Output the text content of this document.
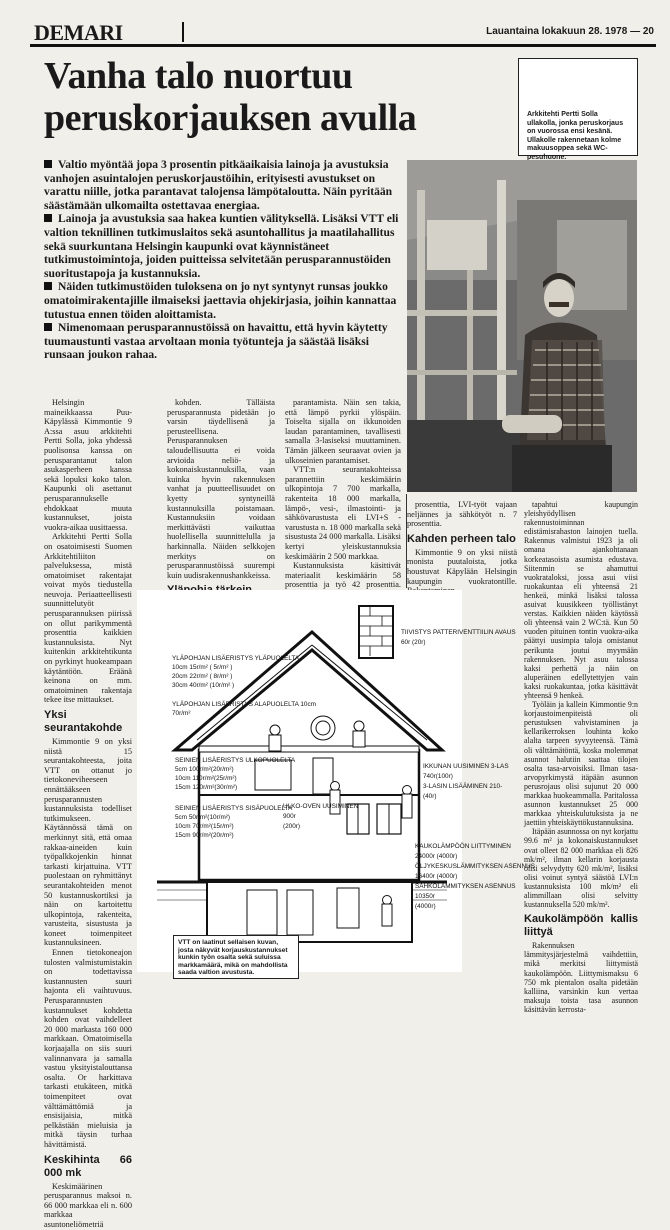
DEMARI	Lauantaina lokakuun 28. 1978 — 20
Vanha talo nuortuu peruskorjauksen avulla	Arkkitehti Pertti Solla ullakolla, jonka peruskorjaus on vuorossa ensi kesänä. Ullakolle rakennetaan kolme makuusoppea sekä WC-pesuhuone.

Valtio myöntää jopa 3 prosentin pitkäaikaisia lainoja ja avustuksia vanhojen asuintalojen peruskorjaustöihin, erityisesti avustukset on varattu niille, jotka parantavat talojensa lämpötaloutta. Näin pyritään säästämään ulkomailta ostettavaa energiaa.

Lainoja ja avustuksia saa hakea kuntien välityksellä. Lisäksi VTT eli valtion teknillinen tutkimuslaitos sekä asuntohallitus ja maatilahallitus sekä suurkuntana Helsingin kaupunki ovat käynnistäneet tutkimustoimintoja, joiden puitteissa selvitetään perusparannustöiden suoritustapoja ja kustannuksia.

Näiden tutkimustöiden tuloksena on jo nyt syntynyt runsas joukko omatoimirakentajille ilmaiseksi jaettavia ohjekirjasia, joihin kannattaa tutustua ennen töiden aloittamista.

Nimenomaan perusparannustöissä on havaittu, että hyvin käytetty tuumaustunti vastaa arvoltaan monia työtunteja ja säästää lisäksi runsaan joukon rahaa.

Helsingin maineikkaassa Puu-Käpylässä Kimmontie 9 A:ssa asuu arkkitehti Pertti Solla, joka yhdessä puolisonsa kanssa on perusparantanut talon asukasperheen kanssa sekä lopuksi koko talon. Kaupunki oli asettanut perusparannukselle ehdokkaat muuta kustannukset, joista vuokra-aikaa uusittaessa.

Arkkitehti Pertti Solla on osatoimisesti Suomen Arkkitehtiliiton palveluksessa, mistä omatoimiset rakentajat voivat myös tiedustella neuvoja. Periaatteellisesti suunnittelutyöt perusparannuksen piirissä on ollut parikymmentä prosenttia kaikkien kustannuksista. Nyt kuitenkin arkkitehtikunta on pyrkinyt huokeampaan käytäntöön. Eräänä keinona on mm. omatoiminen rakentaja tekee itse mittaukset.

Yksi seurantakohde

Kimmontie 9 on yksi niistä 15 seurantakohteesta, joita VTT on ottanut jo tietokoneviheeseen ennättääkseen perusparannusten kustannuksista todelliset tutkimukseen. Käytännössä tämä on merkinnyt sitä, että omaa rakkaa-aineiden kuin työpalkkojenkin hinnat tarkasti kirjattuina. VTT puolestaan on ryhmittänyt seurantakohteiden menot 50 kustannuskortiksi ja näin on kartoitettu ulkopintoja, rakenteita, varusteita, sisustusta ja koneet toimenpiteet kustannuksineen.

Ennen tietokoneajon tulosten valmistumistakin on todettavissa kustannusten suuri hajonta eli vaihtuvuus. Perusparannusten kustannukset kohdetta kohden ovat vaihdelleet 20 000 markasta 160 000 markkaan. Omatoimisella korjaajalla on siis suuri valinnanvara ja samalla vastuu yksityistalouttansa osalta. Or harkittava tarkasti etukäteen, mitkä toimenpiteet ovat välttämättömiä ja ensisijaisia, mitkä pelkästään mieluisia ja mitkä täysin turhaa hävittämistä.

Keskihinta 66 000 mk

Keskimäärinen perusparannus maksoi n. 66 000 markkaa eli n. 600 markkaa asuntoneliömetriä

kohden. Tälläista perusparannusta pidetään jo varsin täydellisenä ja perusteellisena. Perusparannuksen taloudellisuutta ei voida arvioida neliö- ja kokonaiskustannuksilla, vaan kuinka hyvin rakennuksen vanhat ja puutteellisuudet on kyetty syntyneillä kustannuksilla poistamaan. Kustannuksiin voidaan merkittävästi vaikuttaa huolellisella suunnittelulla ja harkinnalla. Näiden selkkojen merkitys on perusparannustöissä suurempi kuin uudisrakennushankkeissa.

parantamista. Näin sen takia, että lämpö pyrkii ylöspäin. Toiselta sijalla on ikkunoiden laudan parantaminen, tavallisesti samalla 3-lasiseksi muuttaminen. Tämän jälkeen seuraavat ovien ja ulkoseinien parantamiset.

VTT:n seurantakohteissa parannettiin keskimäärin ulkopintoja 7 700 markalla, rakenteita 18 000 markalla, lämpö-, vesi-, ilmastointi- ja sähkövarustusta eli LVI+S -varustusta n. 18 000 markalla sekä sisustusta 24 000 markalla. Lisäksi kertyi yleiskustannuksia keskimäärin 2 500 markkaa.

Kustannuksista käsittivät materiaalit keskimäärin 58 prosenttia ja työ 42 prosenttia.

prosenttia, LVI-työt vajaan neljännes ja sähkötyöt n. 7 prosenttia.

Kahden perheen talo

Kimmontie 9 on yksi niistä monista puutaloista, jotka houstuvat Käpylään Helsingin kaupungin vuokratontille.

tapahtui kaupungin yleishyödyllisen rakennustoiminnan edistämisrahaston lainojen tuella. Rakennus valmistui 1923 ja oli omana ajankohtanaan korkeatasoista asumista edustava. Siitenmin se ahamuttui vuokrataloksi, jossa asui viisi ruokakuntaa eli yhteensä 21 henkeä, minkä lisäksi talossa asuivat kuusikkeen työllistänyt verstas. Kaikkien näiden käytössä oli yhteensä vain 2 WC:tä. Kun 50 vuoden pituinen tontin vuokra-aika päättyi uusimpia taloja omistanut perikunta joutui myymään rakennuksen. Nyt asuu talossa kaksi perhettä ja näin on aluperäinen edellytettyjen vain kaksi ruokakuntaa, jotka käsittävät yhteensä 9 henkeä.

Työläin ja kallein Kimmontie 9:n korjaustoimenpiteistä oli perustuksen vahvistaminen ja kellarikerroksen louhinta koko alalta tarpeen syvyyteensä. Tämä oli välttämätöntä, koska molemmat asunnot halutiin saattaa tilojen osalta tasa-arvoisiksi. Ilman tasa-arvopyrkimystä itäpään asunnon perusrojaus olisi sujunut 20 000 markkaa huokeammalla. Paritalossa asunnon kustannukset 25 000 markkaa yhteiskulutuksista ja ne jaettiin yhteiskäyttökustannuksina.

Itäpään asunnossa on nyt korjattu 99.6 m² ja kokonaiskustannukset ovat olleet 82 000 markkaa eli 826 mk/m², ilman kellarin korjausta olisi selvydytty 620 mk/m², lisäksi olisi voinut syntyä säästöä LVI:n kustannuksista 100 mk/m² eli alimmillaan olisi selvitty kustannuksella 520 mk/m².

Kaukolämpöön kallis liittyä

Rakennuksen lämmitysjärjestelmä vaihdettiin, mikä merkitsi liittymistä kaukolämpöön. Liittymismaksu 6 750 mk pientalon osalta pidetään kalliina, varsinkin kun vertaa maksuja toista tasa asunnon käsittävän kerrosta-

YLÄPOHJAN LISÄERISTYS YLÄPUOLELTA
10cm 15r/m² ( 5r/m² )
20cm 22r/m² ( 8r/m² )
30cm 40r/m² (10r/m² )
YLÄPOHJAN LISÄERISTYS ALAPUOLELTA 10cm
70r/m²
TIIVISTYS PATTERIVENTTIILIN AVAUS
60r (20r)
SEINIEN LISÄERISTYS ULKOPUOLELTA
5cm 100r/m²(20r/m²)
10cm 110r/m²(25r/m²)
15cm 120r/m²(30r/m²)
SEINIEN LISÄERISTYS SISÄPUOLELTA
5cm 50r/m²(10r/m²)
10cm 70r/m²(15r/m²)
15cm 90r/m²(20r/m²)
ULKO-OVEN UUSIMINEN
900r
(200r)
IKKUNAN UUSIMINEN 3-LAS
740r(100r)
3-LASIN LISÄÄMINEN 210-
(40r)
KAUKOLÄMPÖÖN LIITTYMINEN
24000r (4000r)
ÖLJYKESKUSLÄMMITYKSEN ASENNUS
16400r (4000r)
SÄHKÖLÄMMITYKSEN ASENNUS
10350r
(4000r)
VTT on laatinut sellaisen kuvan, josta näkyvät korjauskustannukset kunkin työn osalta sekä suluissa markkamäärä, mikä on mahdollista saada valtion avustusta.
